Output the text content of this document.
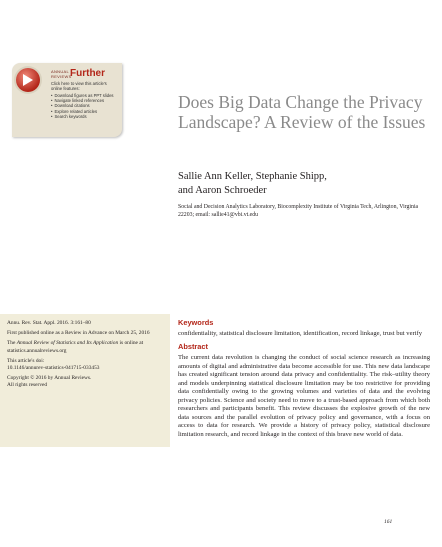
ANNUAL
REVIEWS
Further
Click here to view this article's online features:
• Download figures as PPT slides
• Navigate linked references
• Download citations
• Explore related articles
• Search keywords
Does Big Data Change the Privacy Landscape? A Review of the Issues
Sallie Ann Keller, Stephanie Shipp,
and Aaron Schroeder
Social and Decision Analytics Laboratory, Biocomplexity Institute of Virginia Tech, Arlington, Virginia 22203; email: sallie41@vbi.vt.edu

Annu. Rev. Stat. Appl. 2016. 3:161–80

First published online as a Review in Advance on March 25, 2016

The Annual Review of Statistics and Its Application is online at statistics.annualreviews.org

This article's doi:
10.1146/annurev-statistics-041715-033453

Copyright © 2016 by Annual Reviews.
All rights reserved

Keywords

confidentiality, statistical disclosure limitation, identification, record linkage, trust but verify

Abstract

The current data revolution is changing the conduct of social science research as increasing amounts of digital and administrative data become accessible for use. This new data landscape has created significant tension around data privacy and confidentiality. The risk–utility theory and models underpinning statistical disclosure limitation may be too restrictive for providing data confidentially owing to the growing volumes and varieties of data and the evolving privacy policies. Science and society need to move to a trust-based approach from which both researchers and participants benefit. This review discusses the explosive growth of the new data sources and the parallel evolution of privacy policy and governance, with a focus on access to data for research. We provide a history of privacy policy, statistical disclosure limitation research, and record linkage in the context of this brave new world of data.

161
